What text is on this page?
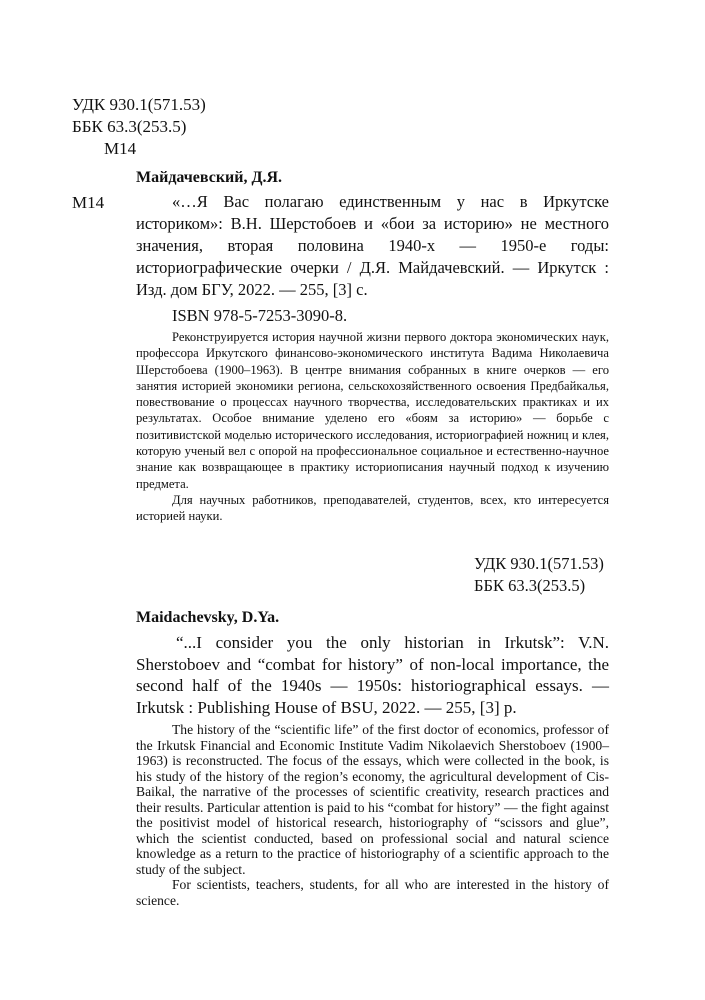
УДК 930.1(571.53)
ББК 63.3(253.5)
М14
Майдачевский, Д.Я.
М14	«…Я Вас полагаю единственным у нас в Иркутске историком»: В.Н. Шерстобоев и «бои за историю» не местного значения, вторая половина 1940-х — 1950-е годы: историографические очерки / Д.Я. Майдачевский. — Иркутск : Изд. дом БГУ, 2022. — 255, [3] с.

ISBN 978-5-7253-3090-8.

Реконструируется история научной жизни первого доктора экономических наук, профессора Иркутского финансово-экономического института Вадима Николаевича Шерстобоева (1900–1963). В центре внимания собранных в книге очерков — его занятия историей экономики региона, сельскохозяйственного освоения Предбайкалья, повествование о процессах научного творчества, исследовательских практиках и их результатах. Особое внимание уделено его «боям за историю» — борьбе с позитивистской моделью исторического исследования, историографией ножниц и клея, которую ученый вел с опорой на профессиональное социальное и естественно-научное знание как возвращающее в практику историописания научный подход к изучению предмета.

Для научных работников, преподавателей, студентов, всех, кто интересуется историей науки.

УДК 930.1(571.53)
ББК 63.3(253.5)
Maidachevsky, D.Ya.

“...I consider you the only historian in Irkutsk”: V.N. Sherstoboev and “combat for history” of non-local importance, the second half of the 1940s — 1950s: historiographical essays. — Irkutsk : Publishing House of BSU, 2022. — 255, [3] p.

The history of the “scientific life” of the first doctor of economics, professor of the Irkutsk Financial and Economic Institute Vadim Nikolaevich Sherstoboev (1900–1963) is reconstructed. The focus of the essays, which were collected in the book, is his study of the history of the region’s economy, the agricultural development of Cis-Baikal, the narrative of the processes of scientific creativity, research practices and their results. Particular attention is paid to his “combat for history” — the fight against the positivist model of historical research, historiography of “scissors and glue”, which the scientist conducted, based on professional social and natural science knowledge as a return to the practice of historiography of a scientific approach to the study of the subject.

For scientists, teachers, students, for all who are interested in the history of science.
